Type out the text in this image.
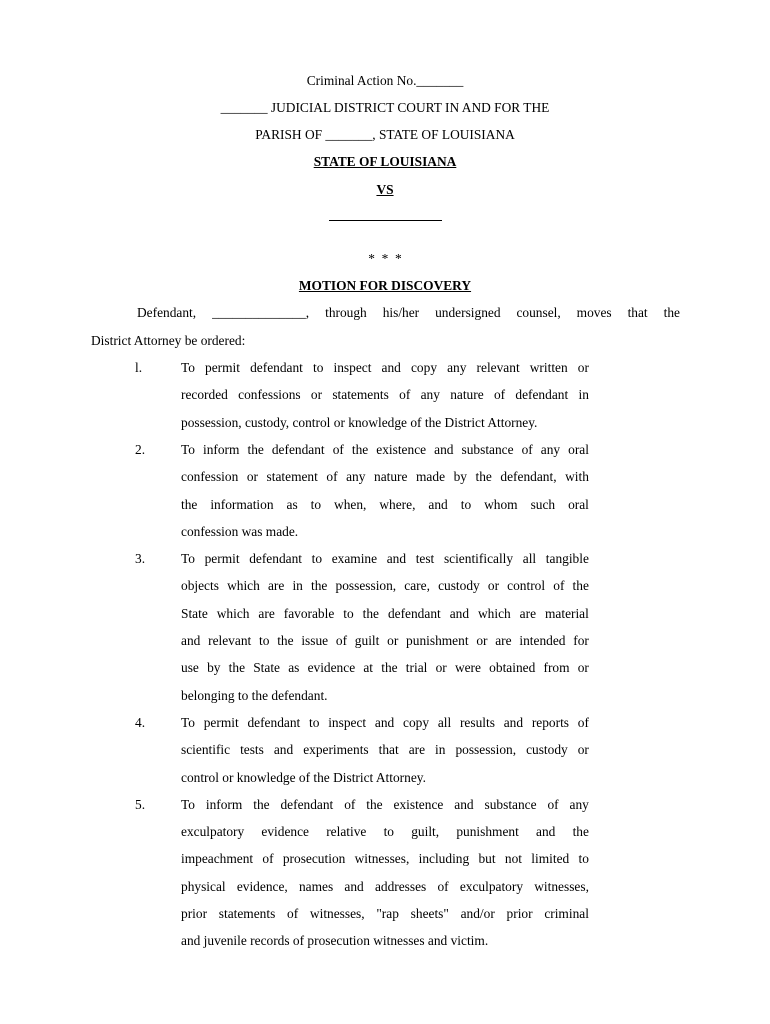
Criminal Action No._______
_______ JUDICIAL DISTRICT COURT IN AND FOR THE
PARISH OF _______, STATE OF LOUISIANA
STATE OF LOUISIANA
VS
*  *  *
MOTION FOR DISCOVERY
Defendant, ______________, through his/her undersigned counsel, moves that the
District Attorney be ordered:
l.	To permit defendant to inspect and copy any relevant written or
recorded confessions or statements of any nature of defendant in
possession, custody, control or knowledge of the District Attorney.
2.	To inform the defendant of the existence and substance of any oral
confession or statement of any nature made by the defendant, with
the information as to when, where, and to whom such oral
confession was made.
3.	To permit defendant to examine and test scientifically all tangible
objects which are in the possession, care, custody or control of the
State which are favorable to the defendant and which are material
and relevant to the issue of guilt or punishment or are intended for
use by the State as evidence at the trial or were obtained from or
belonging to the defendant.
4.	To permit defendant to inspect and copy all results and reports of
scientific tests and experiments that are in possession, custody or
control or knowledge of the District Attorney.
5.	To inform the defendant of the existence and substance of any
exculpatory evidence relative to guilt, punishment and the
impeachment of prosecution witnesses, including but not limited to
physical evidence, names and addresses of exculpatory witnesses,
prior statements of witnesses, "rap sheets" and/or prior criminal
and juvenile records of prosecution witnesses and victim.
